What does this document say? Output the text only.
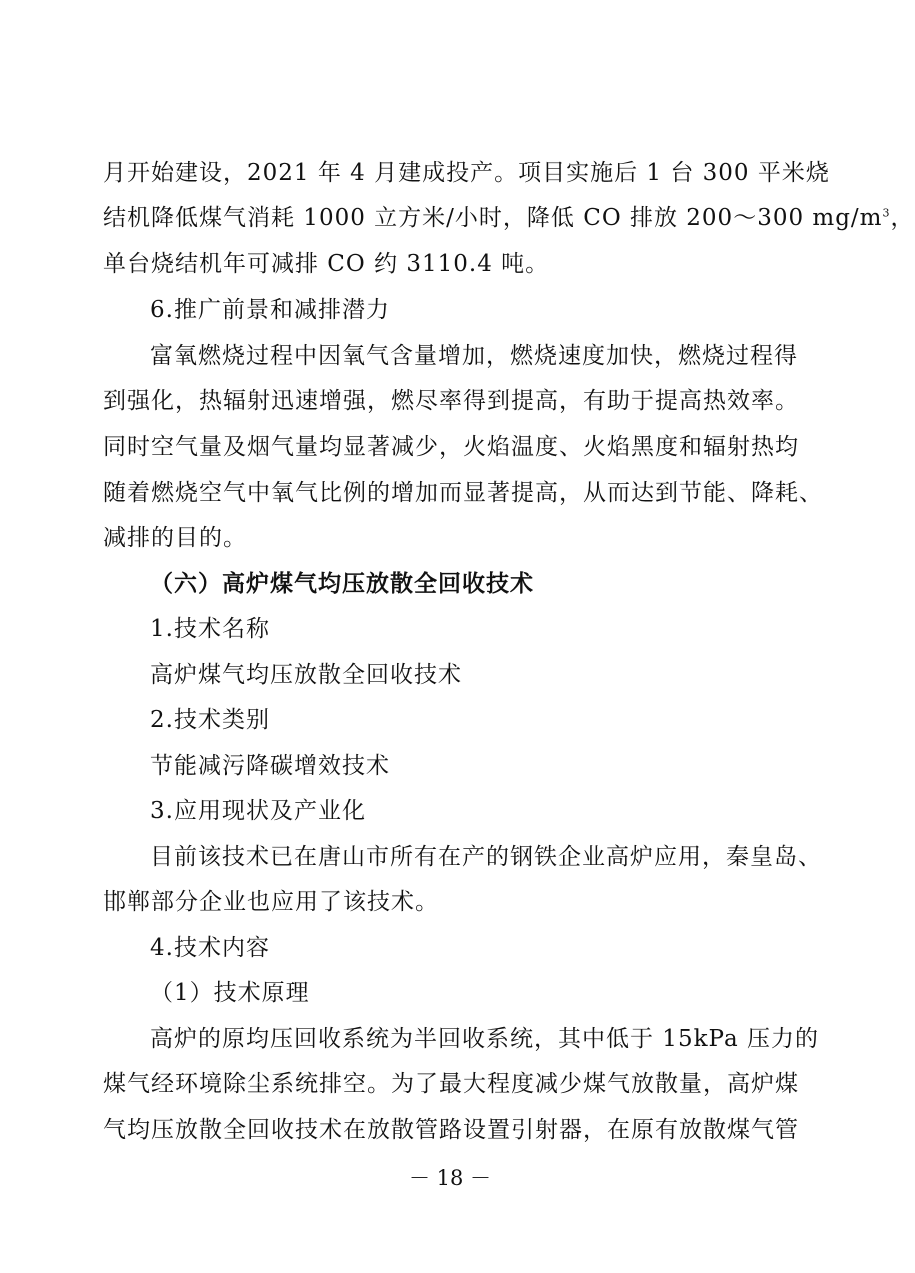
月开始建设，2021 年 4 月建成投产。项目实施后 1 台 300 平米烧
结机降低煤气消耗 1000 立方米/小时，降低 CO 排放 200～300 $mg/m^3$，
单台烧结机年可减排 CO 约 3110.4 吨。
6.推广前景和减排潜力
富氧燃烧过程中因氧气含量增加，燃烧速度加快，燃烧过程得
到强化，热辐射迅速增强，燃尽率得到提高，有助于提高热效率。
同时空气量及烟气量均显著减少，火焰温度、火焰黑度和辐射热均
随着燃烧空气中氧气比例的增加而显著提高，从而达到节能、降耗、
减排的目的。
（六）高炉煤气均压放散全回收技术
1.技术名称
高炉煤气均压放散全回收技术
2.技术类别
节能减污降碳增效技术
3.应用现状及产业化
目前该技术已在唐山市所有在产的钢铁企业高炉应用，秦皇岛、
邯郸部分企业也应用了该技术。
4.技术内容
（1）技术原理
高炉的原均压回收系统为半回收系统，其中低于 15kPa 压力的
煤气经环境除尘系统排空。为了最大程度减少煤气放散量，高炉煤
气均压放散全回收技术在放散管路设置引射器，在原有放散煤气管
－ 18 －
